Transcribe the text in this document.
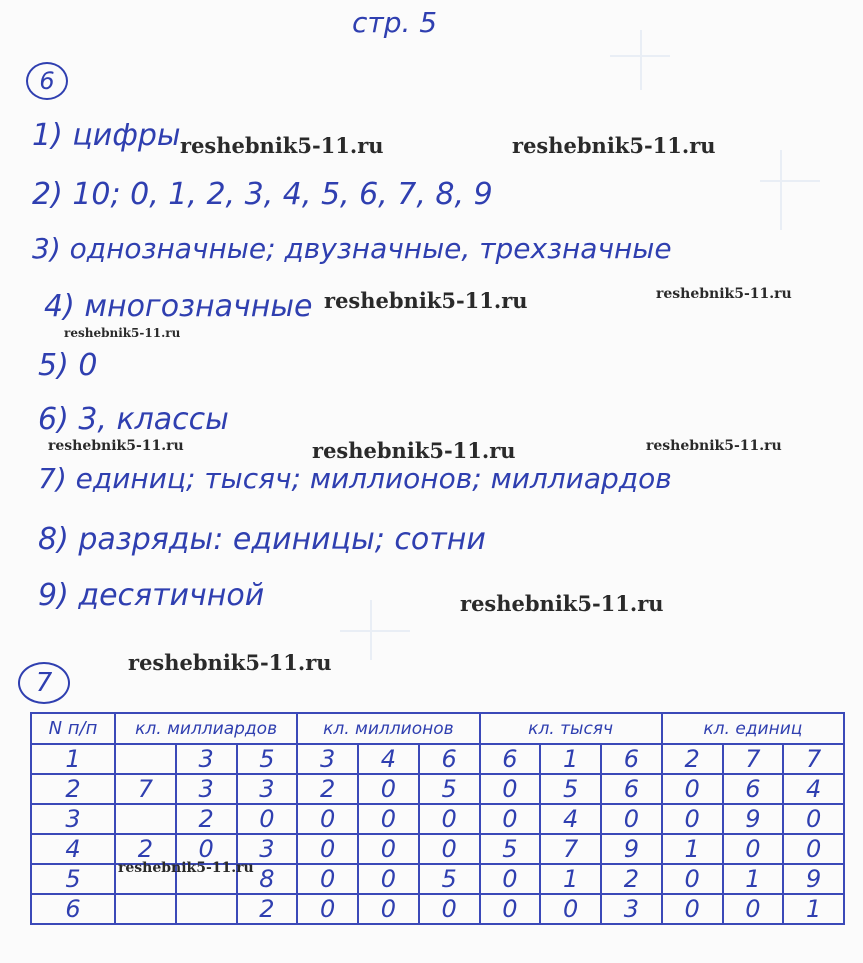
стр. 5
6
1) цифры
2) 10; 0, 1, 2, 3, 4, 5, 6, 7, 8, 9
3) однозначные; двузначные, трехзначные
4) многозначные
5) 0
6) 3, классы
7) единиц; тысяч; миллионов; миллиардов
8) разряды: единицы; сотни
9) десятичной
7
N п/п	кл. миллиардов			кл. миллионов			кл. тысяч			кл. единиц		
1		3	5	3	4	6	6	1	6	2	7	7
2	7	3	3	2	0	5	0	5	6	0	6	4
3		2	0	0	0	0	0	4	0	0	9	0
4	2	0	3	0	0	0	5	7	9	1	0	0
5			8	0	0	5	0	1	2	0	1	9
6			2	0	0	0	0	0	3	0	0	1
reshebnik5-11.ru	reshebnik5-11.ru
reshebnik5-11.ru	reshebnik5-11.ru
reshebnik5-11.ru
reshebnik5-11.ru	reshebnik5-11.ru	reshebnik5-11.ru
reshebnik5-11.ru
reshebnik5-11.ru
reshebnik5-11.ru
